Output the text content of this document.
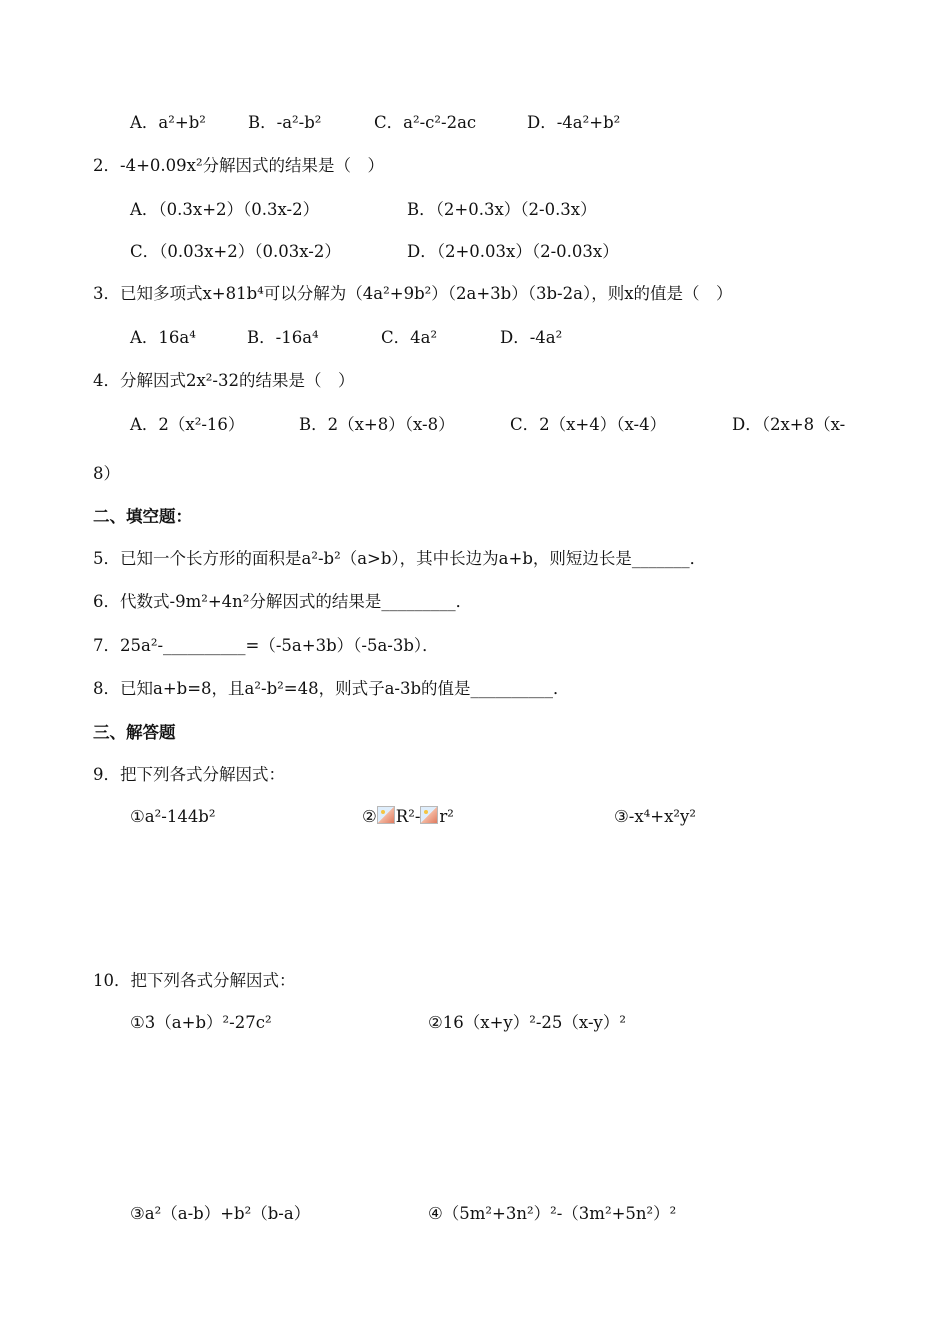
A．a²+b²	B．-a²-b²	C．a²-c²-2ac	D．-4a²+b²
2．-4+0.09x²分解因式的结果是（　）
A．（0.3x+2）（0.3x-2）	B．（2+0.3x）（2-0.3x）
C．（0.03x+2）（0.03x-2）	D．（2+0.03x）（2-0.03x）
3．已知多项式x+81b⁴可以分解为（4a²+9b²）（2a+3b）（3b-2a），则x的值是（　）
A．16a⁴	B．-16a⁴	C．4a²	D．-4a²
4．分解因式2x²-32的结果是（　）
A．2（x²-16）	B．2（x+8）（x-8）	C．2（x+4）（x-4）	D．（2x+8（x-
8）
二、填空题：
5．已知一个长方形的面积是a²-b²（a>b），其中长边为a+b，则短边长是_______．
6．代数式-9m²+4n²分解因式的结果是_________．
7．25a²-__________=（-5a+3b）（-5a-3b）．
8．已知a+b=8，且a²-b²=48，则式子a-3b的值是__________．
三、解答题
9．把下列各式分解因式：
①a²-144b²	② R²- r²	③-x⁴+x²y²
10．把下列各式分解因式：
①3（a+b）²-27c²	②16（x+y）²-25（x-y）²
③a²（a-b）+b²（b-a）	④（5m²+3n²）²-（3m²+5n²）²
